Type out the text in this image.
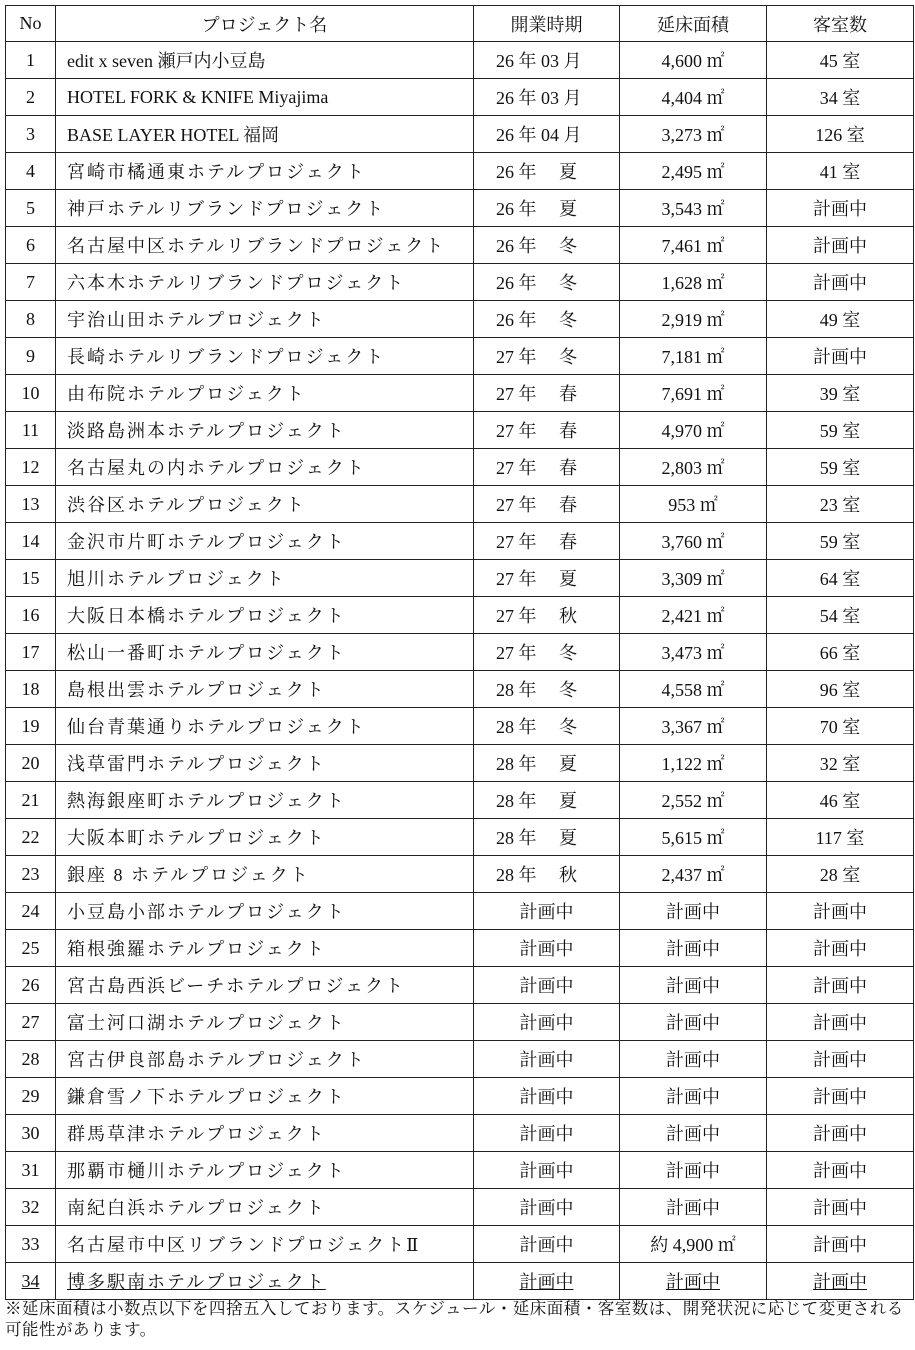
No	プロジェクト名	開業時期	延床面積	客室数
1	edit x seven 瀬戸内小豆島	26 年 03 月	4,600 ㎡	45 室
2	HOTEL FORK & KNIFE Miyajima	26 年 03 月	4,404 ㎡	34 室
3	BASE LAYER HOTEL 福岡	26 年 04 月	3,273 ㎡	126 室
4	宮崎市橘通東ホテルプロジェクト	26 年　 夏	2,495 ㎡	41 室
5	神戸ホテルリブランドプロジェクト	26 年　 夏	3,543 ㎡	計画中
6	名古屋中区ホテルリブランドプロジェクト	26 年　 冬	7,461 ㎡	計画中
7	六本木ホテルリブランドプロジェクト	26 年　 冬	1,628 ㎡	計画中
8	宇治山田ホテルプロジェクト	26 年　 冬	2,919 ㎡	49 室
9	長崎ホテルリブランドプロジェクト	27 年　 冬	7,181 ㎡	計画中
10	由布院ホテルプロジェクト	27 年　 春	7,691 ㎡	39 室
11	淡路島洲本ホテルプロジェクト	27 年　 春	4,970 ㎡	59 室
12	名古屋丸の内ホテルプロジェクト	27 年　 春	2,803 ㎡	59 室
13	渋谷区ホテルプロジェクト	27 年　 春	953 ㎡	23 室
14	金沢市片町ホテルプロジェクト	27 年　 春	3,760 ㎡	59 室
15	旭川ホテルプロジェクト	27 年　 夏	3,309 ㎡	64 室
16	大阪日本橋ホテルプロジェクト	27 年　 秋	2,421 ㎡	54 室
17	松山一番町ホテルプロジェクト	27 年　 冬	3,473 ㎡	66 室
18	島根出雲ホテルプロジェクト	28 年　 冬	4,558 ㎡	96 室
19	仙台青葉通りホテルプロジェクト	28 年　 冬	3,367 ㎡	70 室
20	浅草雷門ホテルプロジェクト	28 年　 夏	1,122 ㎡	32 室
21	熱海銀座町ホテルプロジェクト	28 年　 夏	2,552 ㎡	46 室
22	大阪本町ホテルプロジェクト	28 年　 夏	5,615 ㎡	117 室
23	銀座 8 ホテルプロジェクト	28 年　 秋	2,437 ㎡	28 室
24	小豆島小部ホテルプロジェクト	計画中	計画中	計画中
25	箱根強羅ホテルプロジェクト	計画中	計画中	計画中
26	宮古島西浜ビーチホテルプロジェクト	計画中	計画中	計画中
27	富士河口湖ホテルプロジェクト	計画中	計画中	計画中
28	宮古伊良部島ホテルプロジェクト	計画中	計画中	計画中
29	鎌倉雪ノ下ホテルプロジェクト	計画中	計画中	計画中
30	群馬草津ホテルプロジェクト	計画中	計画中	計画中
31	那覇市樋川ホテルプロジェクト	計画中	計画中	計画中
32	南紀白浜ホテルプロジェクト	計画中	計画中	計画中
33	名古屋市中区リブランドプロジェクトⅡ	計画中	約 4,900 ㎡	計画中
34	博多駅南ホテルプロジェクト	計画中	計画中	計画中
※延床面積は小数点以下を四捨五入しております。スケジュール・延床面積・客室数は、開発状況に応じて変更される可能性があります。
